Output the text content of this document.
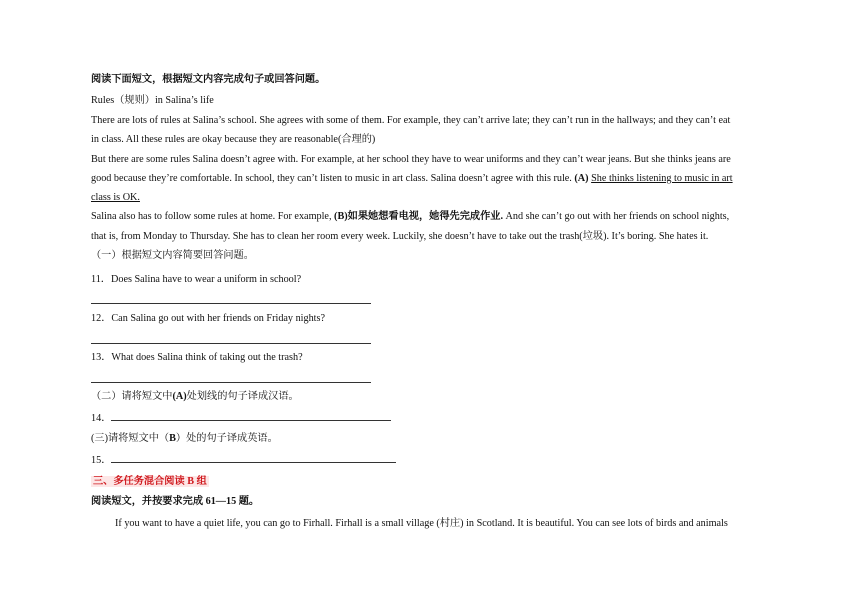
阅读下面短文，根据短文内容完成句子或回答问题。
Rules（规则）in Salina’s life
There are lots of rules at Salina’s school. She agrees with some of them. For example, they can’t arrive late; they can’t run in the hallways; and they can’t eat
in class. All these rules are okay because they are reasonable(合理的)
But there are some rules Salina doesn’t agree with. For example, at her school they have to wear uniforms and they can’t wear jeans. But she thinks jeans are
good because they’re comfortable. In school, they can’t listen to music in art class. Salina doesn’t agree with this rule. (A) She thinks listening to music in art
class is OK.
Salina also has to follow some rules at home. For example, (B)如果她想看电视，她得先完成作业. And she can’t go out with her friends on school nights,
that is, from Monday to Thursday. She has to clean her room every week. Luckily, she doesn’t have to take out the trash(垃圾). It’s boring. She hates it.
（一）根据短文内容简要回答问题。
11．Does Salina have to wear a uniform in school?
12．Can Salina go out with her friends on Friday nights?
13．What does Salina think of taking out the trash?
（二）请将短文中(A)处划线的句子译成汉语。
14．
(三)请将短文中（B）处的句子译成英语。
15．
三、多任务混合阅读 B 组
阅读短文，并按要求完成 61—15 题。
If you want to have a quiet life, you can go to Firhall. Firhall is a small village (村庄) in Scotland. It is beautiful. You can see lots of birds and animals
